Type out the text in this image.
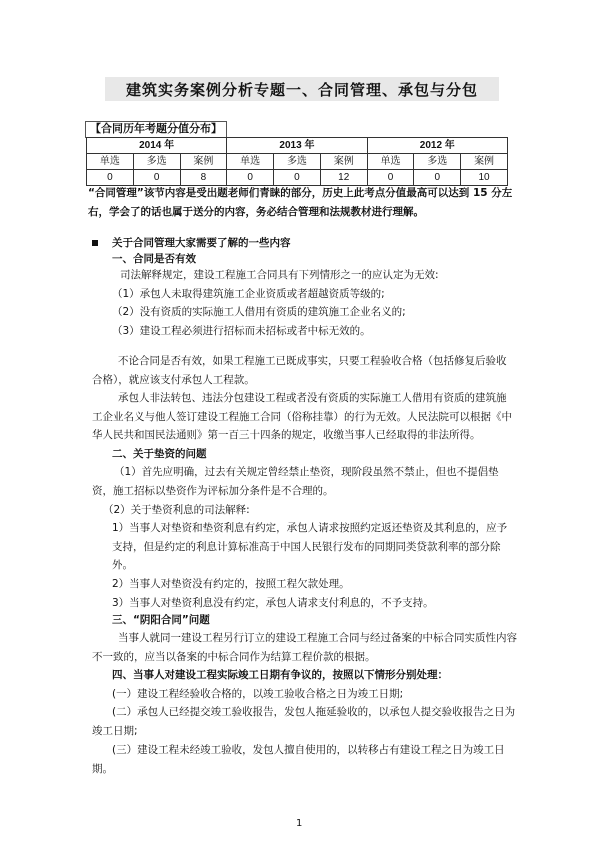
建筑实务案例分析专题一、合同管理、承包与分包
【合同历年考题分值分布】
2014 年			2013 年			2012 年		
单选	多选	案例	单选	多选	案例	单选	多选	案例
0	0	8	0	0	12	0	0	10
“合同管理”该节内容是受出题老师们青睐的部分，历史上此考点分值最高可以达到 15 分左右，学会了的话也属于送分的内容，务必结合管理和法规教材进行理解。
关于合同管理大家需要了解的一些内容
一、合同是否有效
司法解释规定，建设工程施工合同具有下列情形之一的应认定为无效:
（1）承包人未取得建筑施工企业资质或者超越资质等级的;
（2）没有资质的实际施工人借用有资质的建筑施工企业名义的;
（3）建设工程必须进行招标而未招标或者中标无效的。
不论合同是否有效，如果工程施工已既成事实，只要工程验收合格（包括修复后验收合格），就应该支付承包人工程款。
承包人非法转包、违法分包建设工程或者没有资质的实际施工人借用有资质的建筑施工企业名义与他人签订建设工程施工合同（俗称挂靠）的行为无效。人民法院可以根据《中华人民共和国民法通则》第一百三十四条的规定，收缴当事人已经取得的非法所得。
二、关于垫资的问题
（1）首先应明确，过去有关规定曾经禁止垫资，现阶段虽然不禁止，但也不提倡垫资，施工招标以垫资作为评标加分条件是不合理的。
（2）关于垫资利息的司法解释:
1）当事人对垫资和垫资利息有约定，承包人请求按照约定返还垫资及其利息的，应予支持，但是约定的利息计算标准高于中国人民银行发布的同期同类贷款利率的部分除外。
2）当事人对垫资没有约定的，按照工程欠款处理。
3）当事人对垫资利息没有约定，承包人请求支付利息的，不予支持。
三、“阴阳合同”问题
当事人就同一建设工程另行订立的建设工程施工合同与经过备案的中标合同实质性内容不一致的，应当以备案的中标合同作为结算工程价款的根据。
四、当事人对建设工程实际竣工日期有争议的，按照以下情形分别处理：
(一）建设工程经验收合格的，以竣工验收合格之日为竣工日期;
(二）承包人已经提交竣工验收报告，发包人拖延验收的，以承包人提交验收报告之日为竣工日期;
(三）建设工程未经竣工验收，发包人擅自使用的，以转移占有建设工程之日为竣工日期。
1
